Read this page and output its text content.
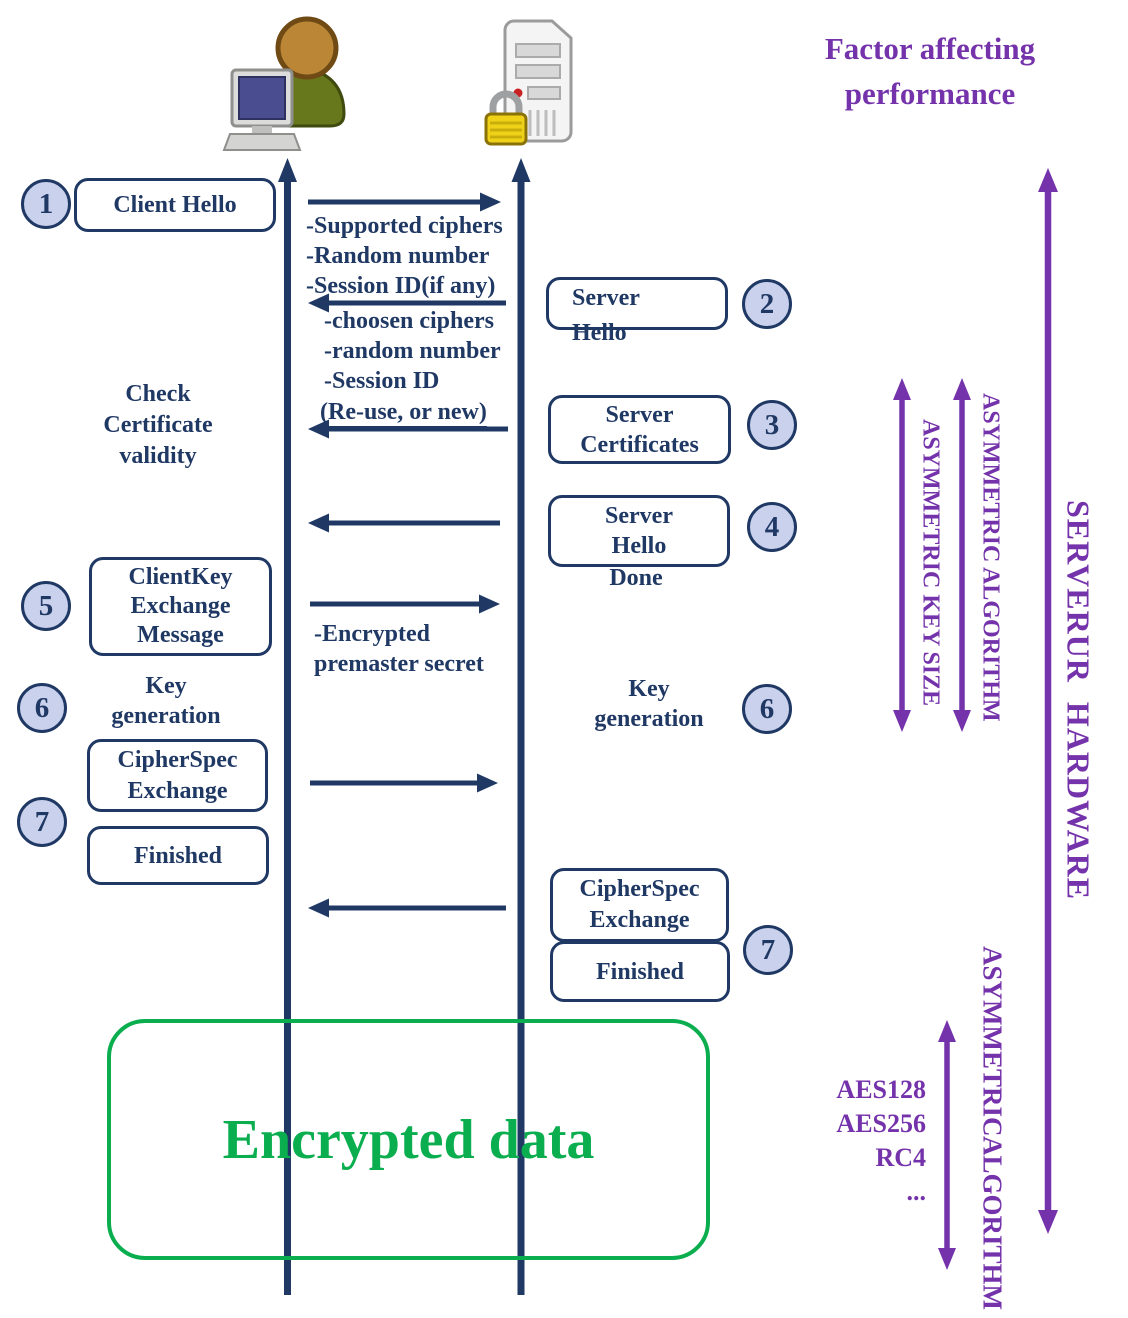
Factor affecting
performance
1
2
3
4
5
6	6
7
7
Client Hello
Server
Hello
Server
Certificates
Server
Hello
Done
ClientKey
Exchange
Message
CipherSpec
Exchange
Finished
CipherSpec
Exchange
Finished
-Supported ciphers
-Random number
-Session ID(if any)
-choosen ciphers
-random number
-Session ID
(Re-use, or new)
Check
Certificate
validity
-Encrypted
premaster secret
Key
generation
Key
generation
ASYMMETRIC KEY SIZE ASYMMETRIC ALGORITHM SERVERUR HARDWARE
ASYMMETRIC
ALGORITHM
AES128
AES256
RC4
...
Encrypted data
